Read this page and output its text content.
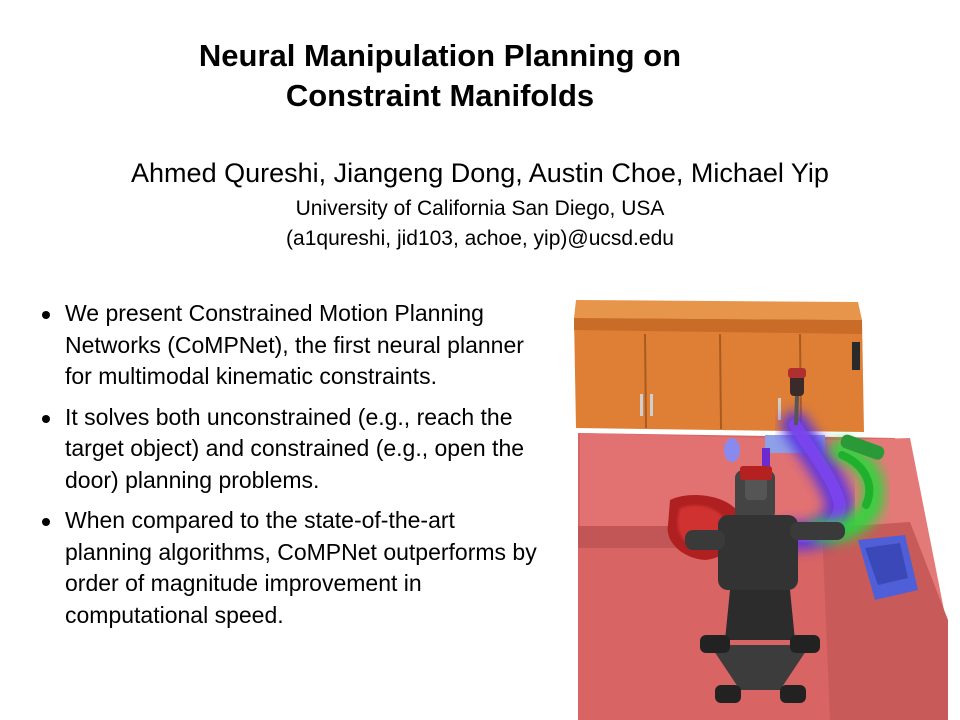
Neural Manipulation Planning on
Constraint Manifolds
Ahmed Qureshi, Jiangeng Dong, Austin Choe, Michael Yip
University of California San Diego, USA
(a1qureshi, jid103, achoe, yip)@ucsd.edu
We present Constrained Motion Planning Networks (CoMPNet), the first neural planner for multimodal kinematic constraints.
It solves both unconstrained (e.g., reach the target object) and constrained (e.g., open the door) planning problems.
When compared to the state-of-the-art planning algorithms, CoMPNet outperforms by order of magnitude improvement in computational speed.
